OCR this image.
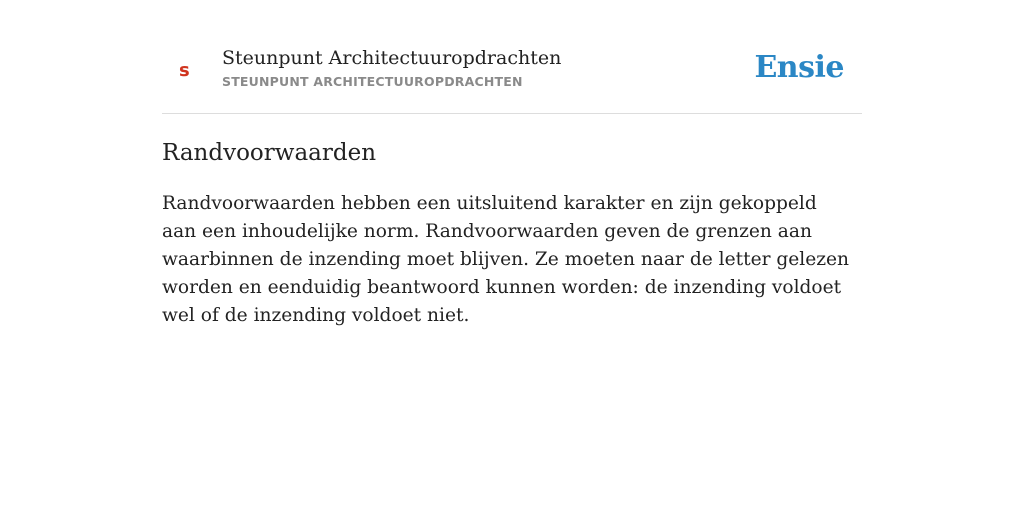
s
Steunpunt Architectuuropdrachten
STEUNPUNT ARCHITECTUUROPDRACHTEN	Ensie
Randvoorwaarden

Randvoorwaarden hebben een uitsluitend karakter en zijn gekoppeld aan een inhoudelijke norm. Randvoorwaarden geven de grenzen aan waarbinnen de inzending moet blijven. Ze moeten naar de letter gelezen worden en eenduidig beantwoord kunnen worden: de inzending voldoet wel of de inzending voldoet niet.
